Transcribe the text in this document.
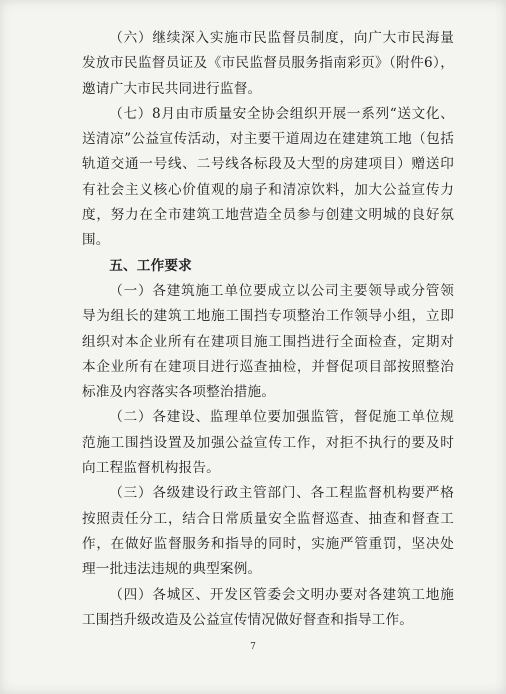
（六）继续深入实施市民监督员制度，向广大市民海量发放市民监督员证及《市民监督员服务指南彩页》（附件6），邀请广大市民共同进行监督。

（七）8月由市质量安全协会组织开展一系列“送文化、送清凉”公益宣传活动，对主要干道周边在建建筑工地（包括轨道交通一号线、二号线各标段及大型的房建项目）赠送印有社会主义核心价值观的扇子和清凉饮料，加大公益宣传力度，努力在全市建筑工地营造全员参与创建文明城的良好氛围。

五、工作要求

（一）各建筑施工单位要成立以公司主要领导或分管领导为组长的建筑工地施工围挡专项整治工作领导小组，立即组织对本企业所有在建项目施工围挡进行全面检查，定期对本企业所有在建项目进行巡查抽检，并督促项目部按照整治标准及内容落实各项整治措施。

（二）各建设、监理单位要加强监管，督促施工单位规范施工围挡设置及加强公益宣传工作，对拒不执行的要及时向工程监督机构报告。

（三）各级建设行政主管部门、各工程监督机构要严格按照责任分工，结合日常质量安全监督巡查、抽查和督查工作，在做好监督服务和指导的同时，实施严管重罚，坚决处理一批违法违规的典型案例。

（四）各城区、开发区管委会文明办要对各建筑工地施工围挡升级改造及公益宣传情况做好督查和指导工作。

7
